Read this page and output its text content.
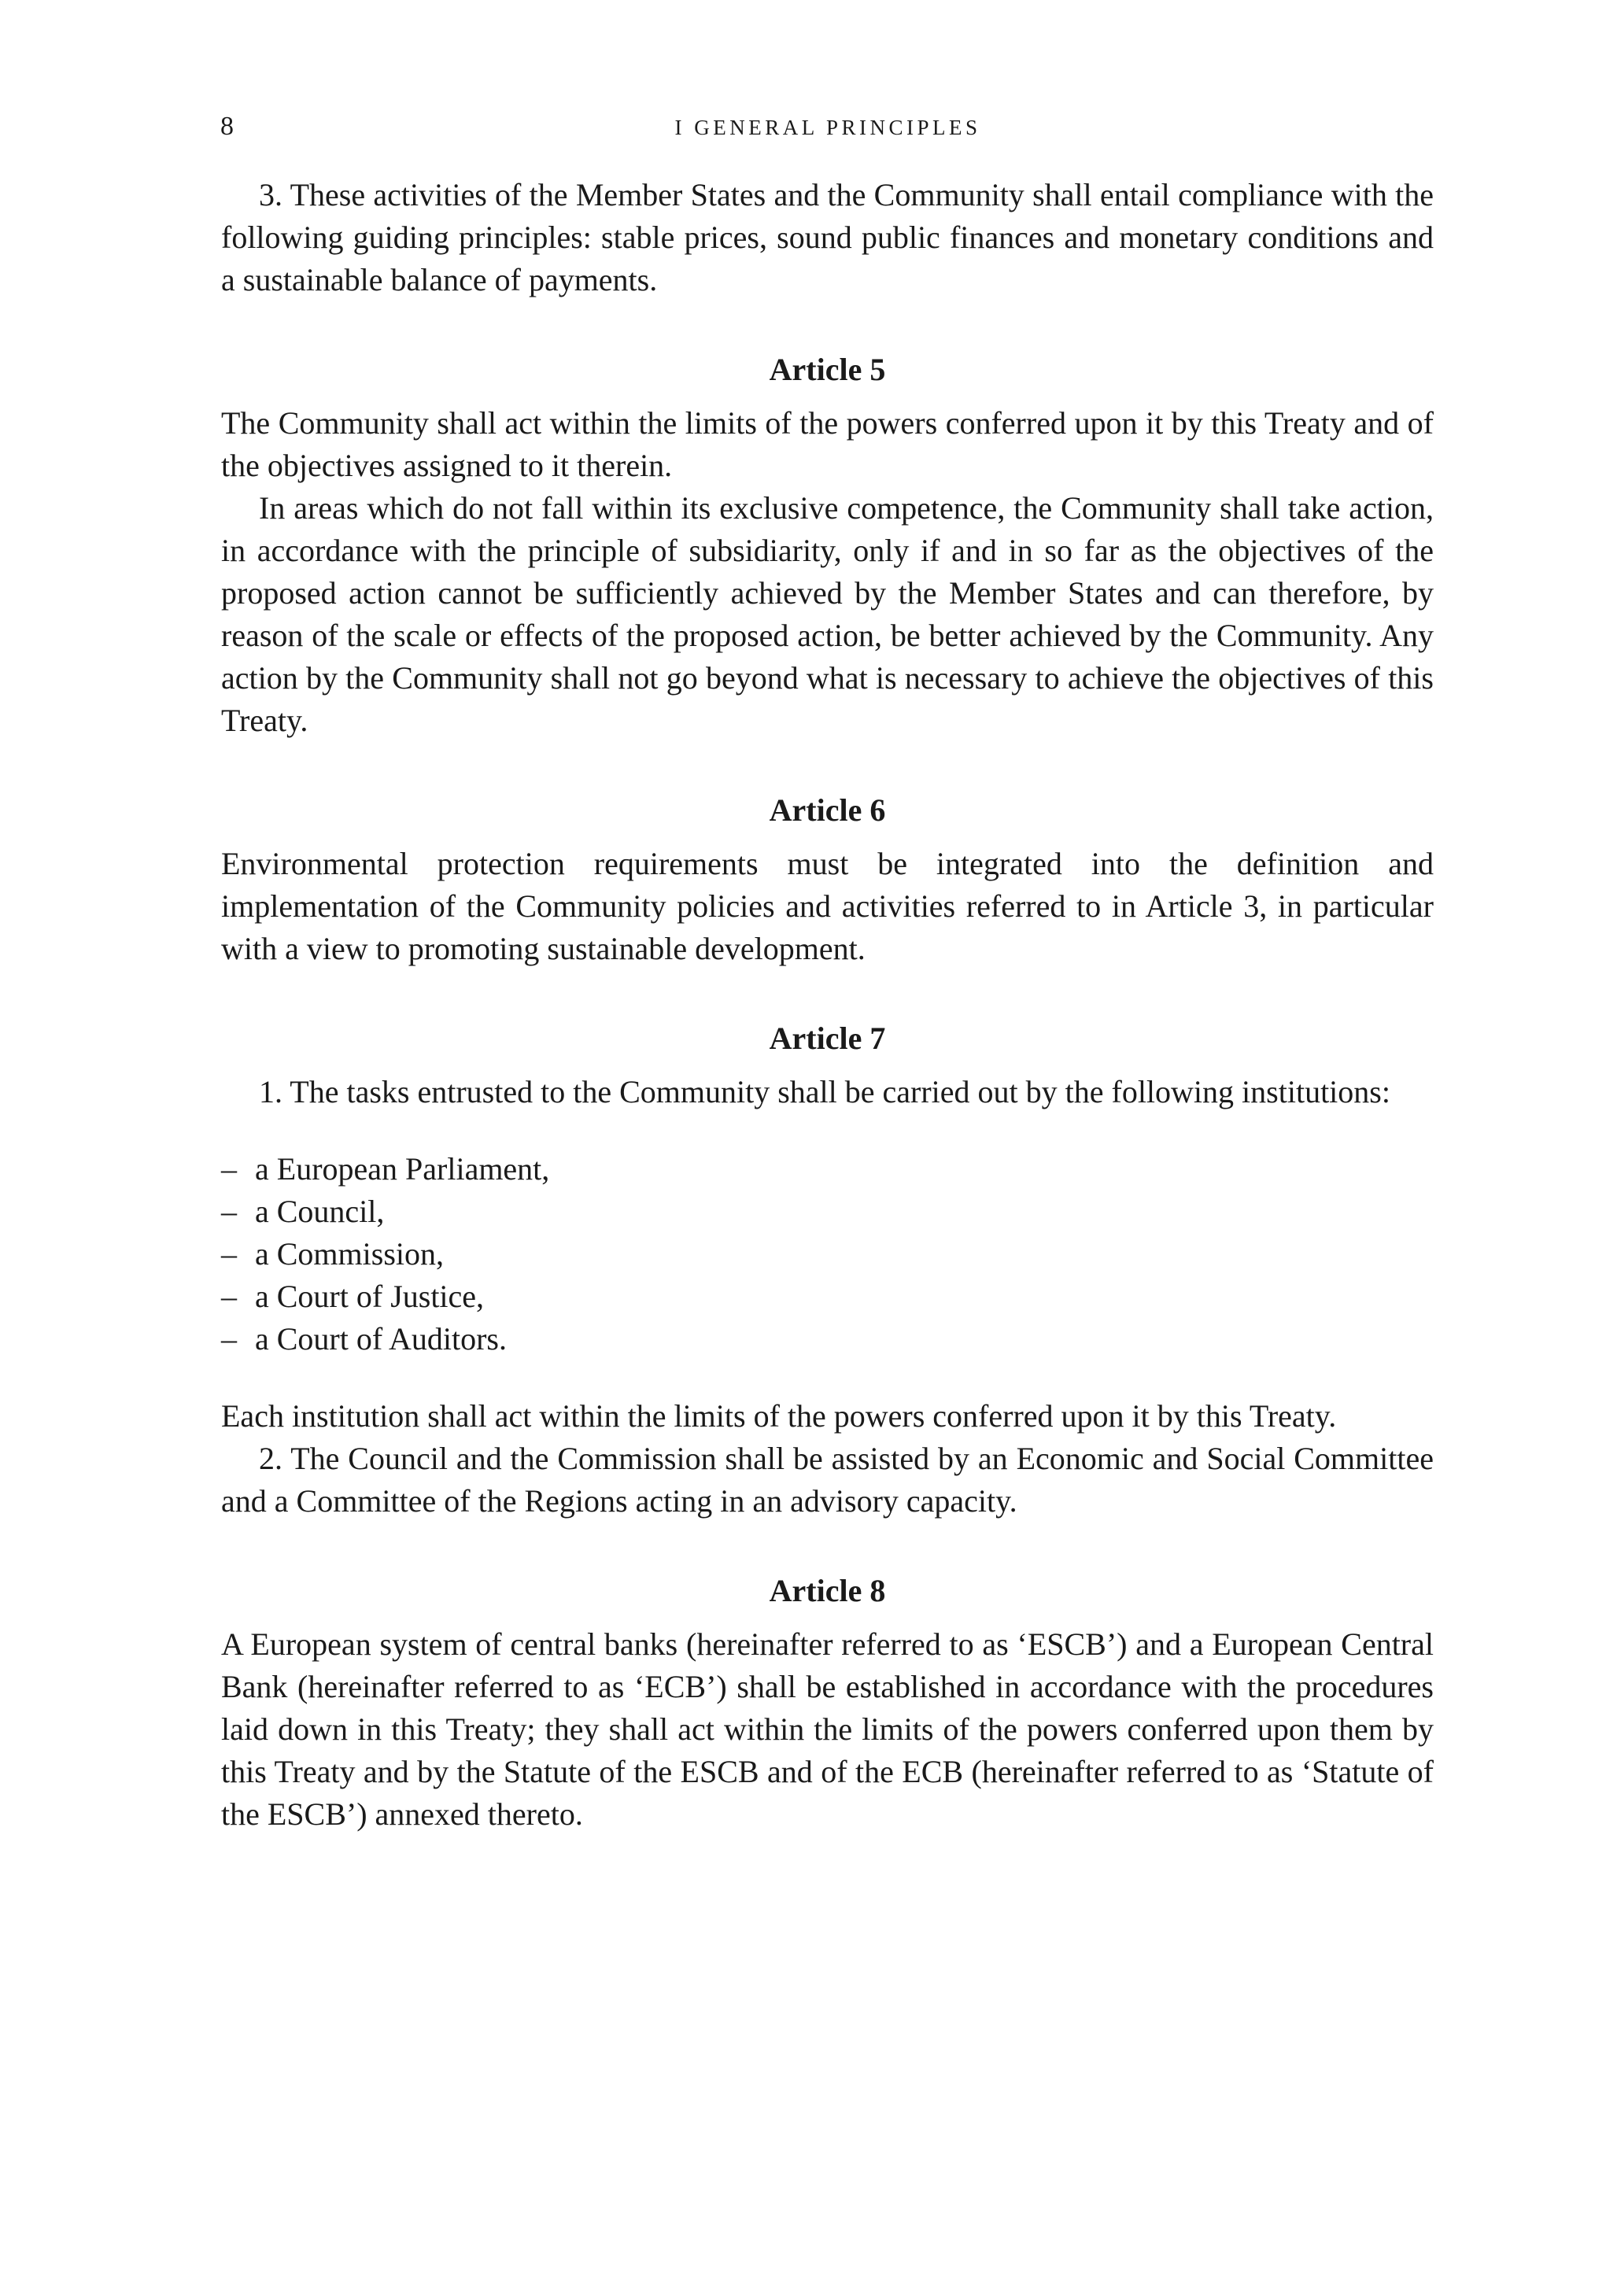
8	I GENERAL PRINCIPLES

3. These activities of the Member States and the Community shall entail compliance with the following guiding principles: stable prices, sound public finances and monetary conditions and a sustainable balance of payments.

Article 5

The Community shall act within the limits of the powers conferred upon it by this Treaty and of the objectives assigned to it therein.

In areas which do not fall within its exclusive competence, the Community shall take action, in accordance with the principle of subsidiarity, only if and in so far as the objectives of the proposed action cannot be sufficiently achieved by the Member States and can therefore, by reason of the scale or effects of the proposed action, be better achieved by the Community. Any action by the Community shall not go beyond what is necessary to achieve the objectives of this Treaty.

Article 6

Environmental protection requirements must be integrated into the definition and implementation of the Community policies and activities referred to in Article 3, in particular with a view to promoting sustainable development.

Article 7

1. The tasks entrusted to the Community shall be carried out by the following institutions:

– a European Parliament,
– a Council,
– a Commission,
– a Court of Justice,
– a Court of Auditors.

Each institution shall act within the limits of the powers conferred upon it by this Treaty.

2. The Council and the Commission shall be assisted by an Economic and Social Committee and a Committee of the Regions acting in an advisory capacity.

Article 8

A European system of central banks (hereinafter referred to as ‘ESCB’) and a European Central Bank (hereinafter referred to as ‘ECB’) shall be established in accordance with the procedures laid down in this Treaty; they shall act within the limits of the powers conferred upon them by this Treaty and by the Statute of the ESCB and of the ECB (hereinafter referred to as ‘Statute of the ESCB’) annexed thereto.
